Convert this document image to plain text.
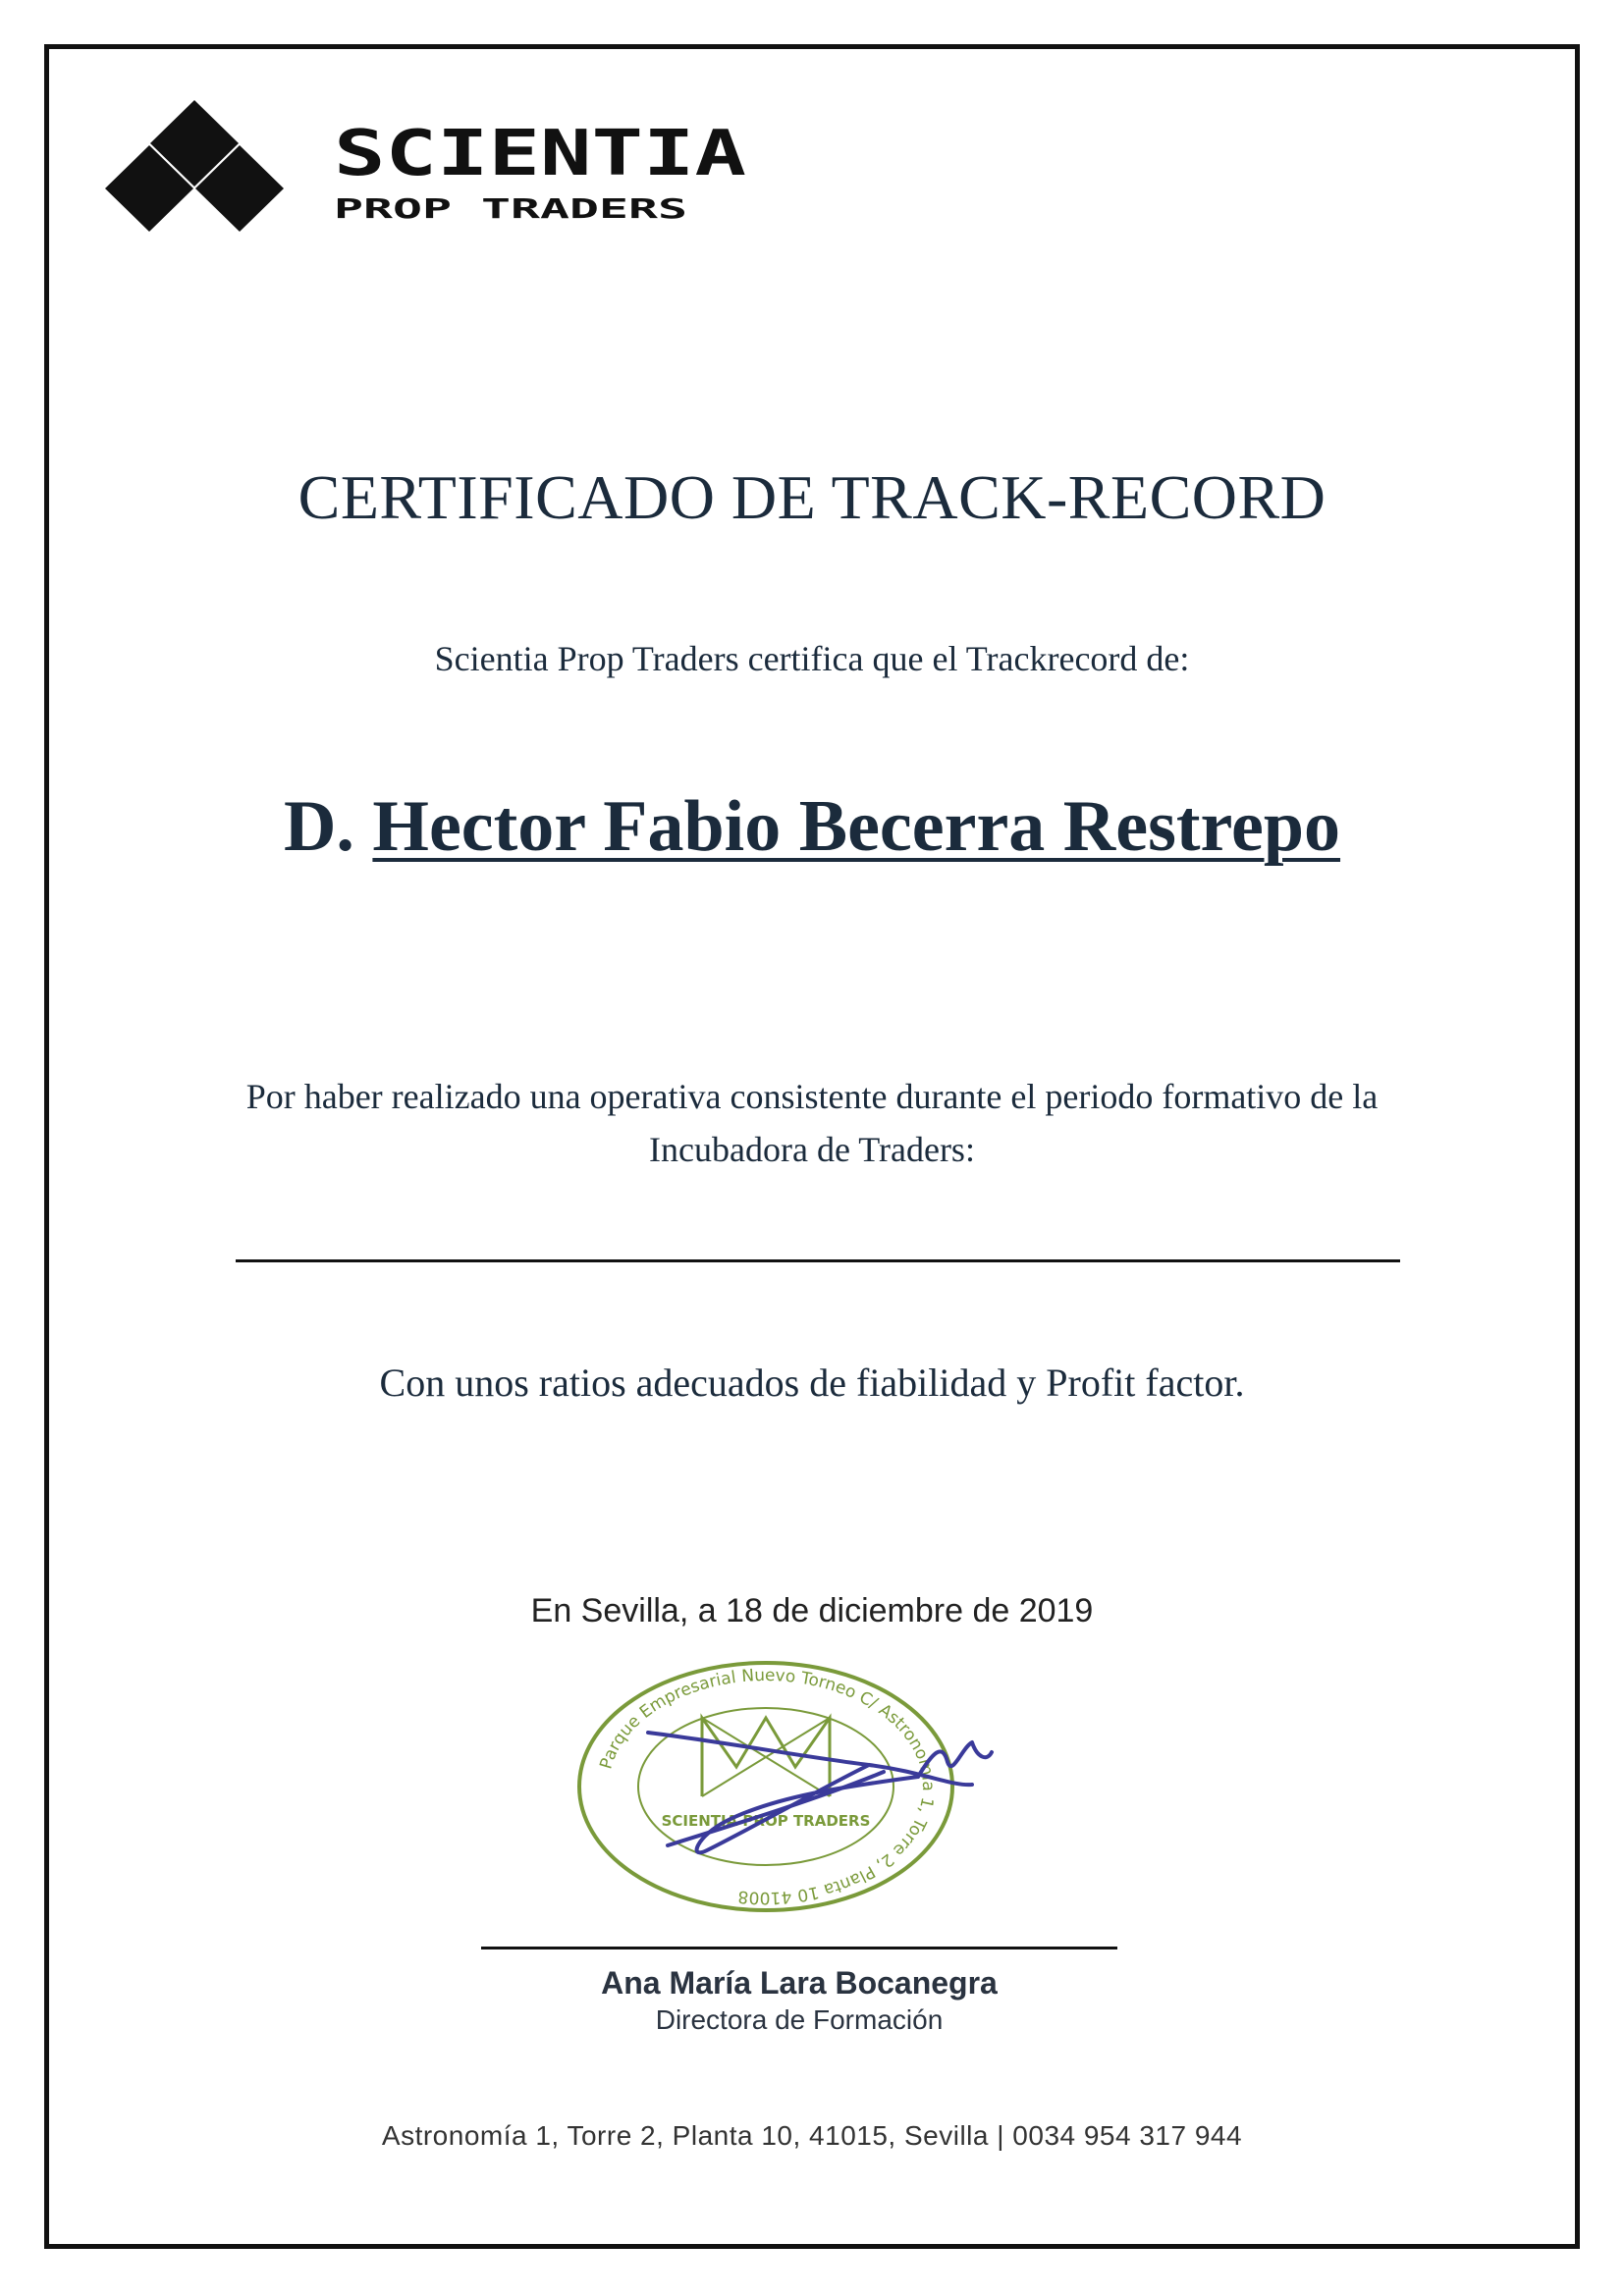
SCIENTIA
PROP TRADERS
CERTIFICADO DE TRACK-RECORD
Scientia Prop Traders certifica que el Trackrecord de:
D. Hector Fabio Becerra Restrepo
Por haber realizado una operativa consistente durante el periodo formativo de la
Incubadora de Traders:
Con unos ratios adecuados de fiabilidad y Profit factor.
En Sevilla, a 18 de diciembre de 2019
Parque Empresarial Nuevo Torneo C/ Astronomía 1, Torre 2, Planta 10 41008
SCIENTIA PROP TRADERS
Ana María Lara Bocanegra
Directora de Formación
Astronomía 1, Torre 2, Planta 10, 41015, Sevilla | 0034 954 317 944
